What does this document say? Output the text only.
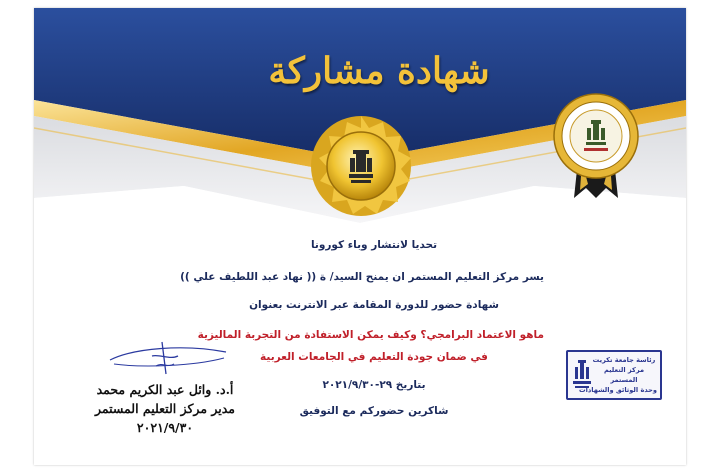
شهادة مشاركة
تحديا لانتشار وباء كورونا
يسر مركز التعليم المستمر ان يمنح السيد/ ة (( نهاد عبد اللطيف علي ))
شهادة حضور للدورة المقامة عبر الانترنت بعنوان
ماهو الاعتماد البرامجي؟ وكيف يمكن الاستفادة من التجربة الماليزية
في ضمان جودة التعليم في الجامعات العربية
بتاريخ ٢٩-٢٠٢١/٩/٣٠
شاكرين حضوركم مع التوفيق
أ.د. وائل عبد الكريم محمد
مدير مركز التعليم المستمر
٢٠٢١/٩/٣٠
رئاسة جامعة تكريت
مركز التعليم
المستمر
وحدة الوثائق والشهادات
